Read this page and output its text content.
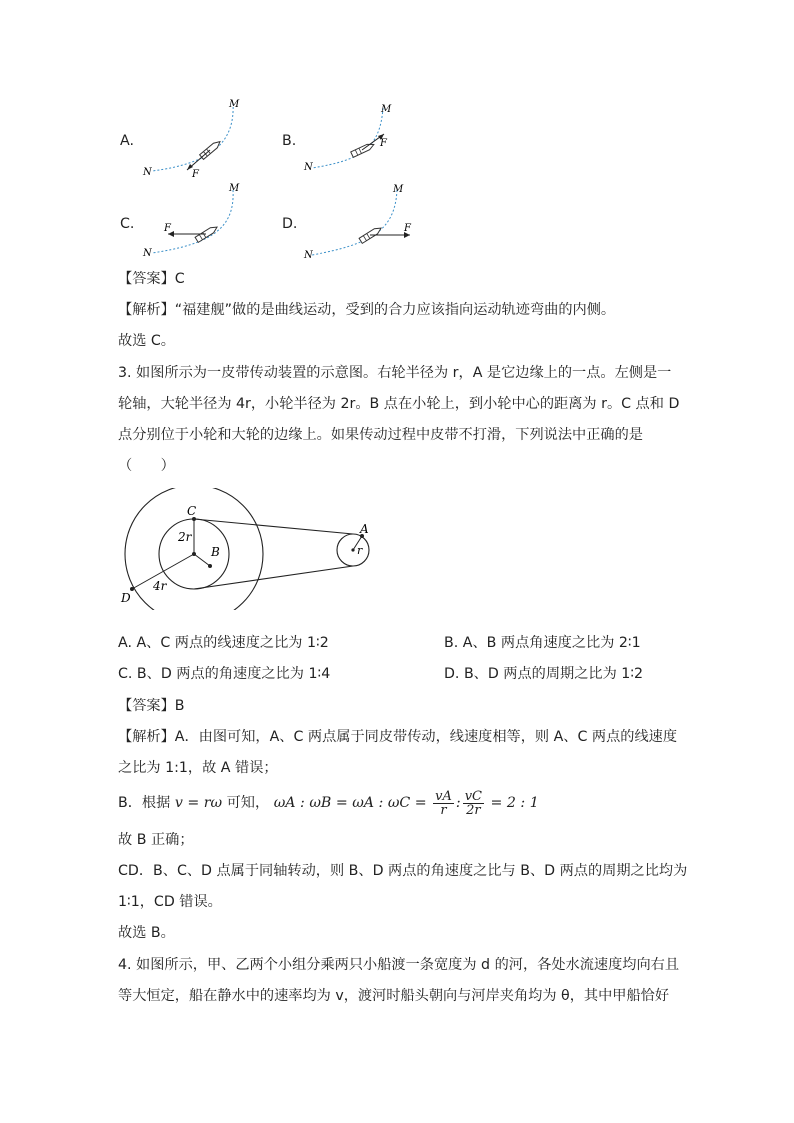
A.
M
N	F
B.
M
N
F
C.
M
N
F	D.
M
N
F
【答案】C
【解析】“福建舰”做的是曲线运动，受到的合力应该指向运动轨迹弯曲的内侧。
故选 C。
3. 如图所示为一皮带传动装置的示意图。右轮半径为 r，A 是它边缘上的一点。左侧是一
轮轴，大轮半径为 4r，小轮半径为 2r。B 点在小轮上，到小轮中心的距离为 r。C 点和 D
点分别位于小轮和大轮的边缘上。如果传动过程中皮带不打滑，下列说法中正确的是
（　　）
C
2r
B
D
4r
A
r
A. A、C 两点的线速度之比为 1∶2	B. A、B 两点角速度之比为 2∶1
C. B、D 两点的角速度之比为 1∶4	D. B、D 两点的周期之比为 1∶2
【答案】B
【解析】A．由图可知，A、C 两点属于同皮带传动，线速度相等，则 A、C 两点的线速度
之比为 1:1，故 A 错误；
B．根据 v = rω 可知， ωA : ωB = ωA : $\omega C = \frac{vA}{r}$ : $\frac{vC}{2r} = 2$ : 1
故 B 正确；
CD．B、C、D 点属于同轴转动，则 B、D 两点的角速度之比与 B、D 两点的周期之比均为
1∶1，CD 错误。
故选 B。
4. 如图所示，甲、乙两个小组分乘两只小船渡一条宽度为 d 的河，各处水流速度均向右且
等大恒定，船在静水中的速率均为 v，渡河时船头朝向与河岸夹角均为 θ，其中甲船恰好
